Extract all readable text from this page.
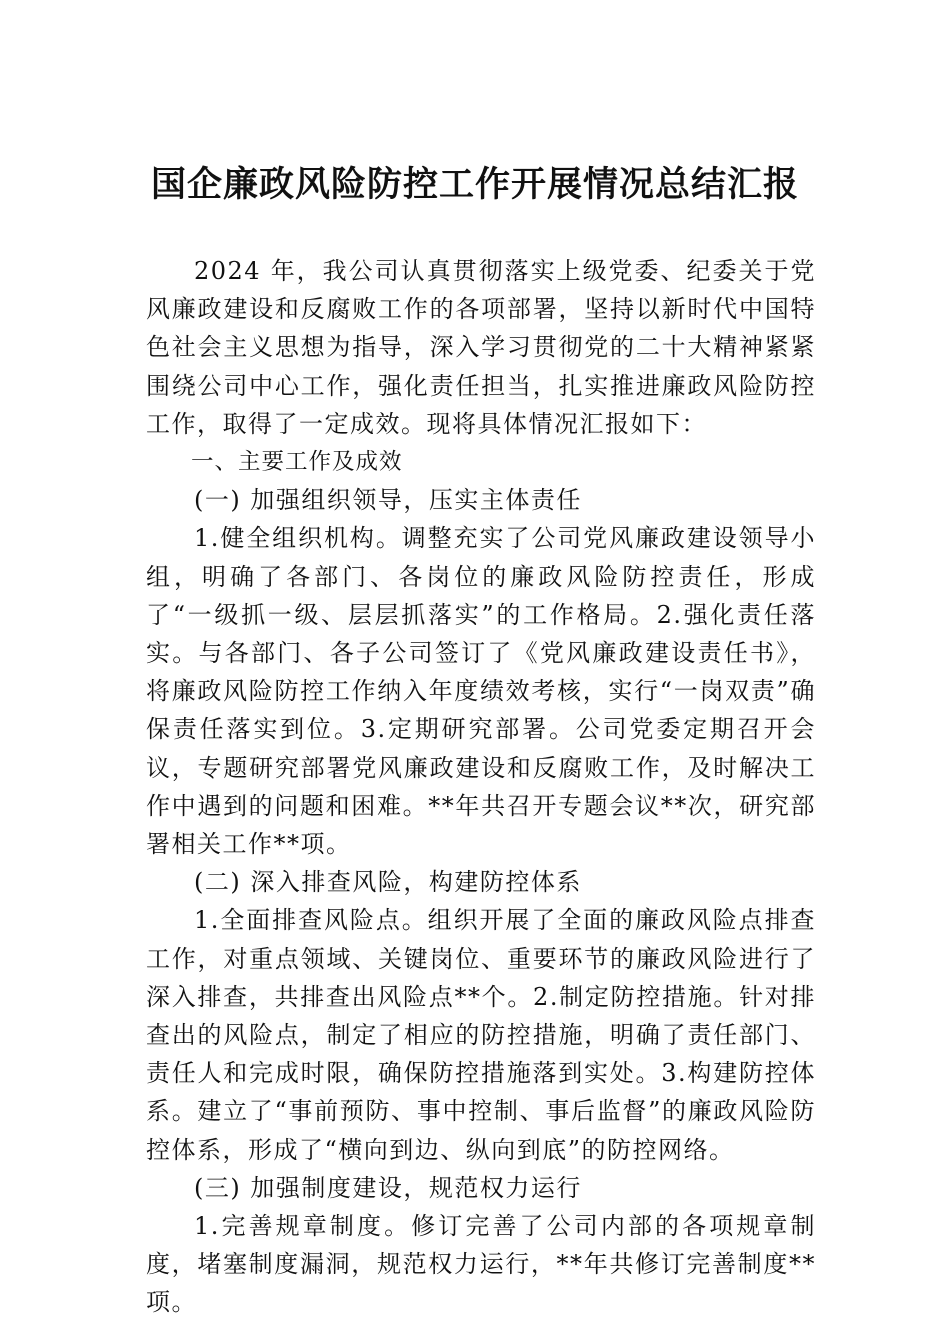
国企廉政风险防控工作开展情况总结汇报

2024 年，我公司认真贯彻落实上级党委、纪委关于党风廉政建设和反腐败工作的各项部署，坚持以新时代中国特色社会主义思想为指导，深入学习贯彻党的二十大精神紧紧围绕公司中心工作，强化责任担当，扎实推进廉政风险防控工作，取得了一定成效。现将具体情况汇报如下：

一、主要工作及成效

(一) 加强组织领导，压实主体责任

1.健全组织机构。调整充实了公司党风廉政建设领导小组，明确了各部门、各岗位的廉政风险防控责任，形成了“一级抓一级、层层抓落实”的工作格局。2.强化责任落实。与各部门、各子公司签订了《党风廉政建设责任书》，将廉政风险防控工作纳入年度绩效考核，实行“一岗双责”确保责任落实到位。3.定期研究部署。公司党委定期召开会议，专题研究部署党风廉政建设和反腐败工作，及时解决工作中遇到的问题和困难。**年共召开专题会议**次，研究部署相关工作**项。

(二) 深入排查风险，构建防控体系

1.全面排查风险点。组织开展了全面的廉政风险点排查工作，对重点领域、关键岗位、重要环节的廉政风险进行了深入排查，共排查出风险点**个。2.制定防控措施。针对排查出的风险点，制定了相应的防控措施，明确了责任部门、责任人和完成时限，确保防控措施落到实处。3.构建防控体系。建立了“事前预防、事中控制、事后监督”的廉政风险防控体系，形成了“横向到边、纵向到底”的防控网络。

(三) 加强制度建设，规范权力运行

1.完善规章制度。修订完善了公司内部的各项规章制度，堵塞制度漏洞，规范权力运行，**年共修订完善制度**项。
